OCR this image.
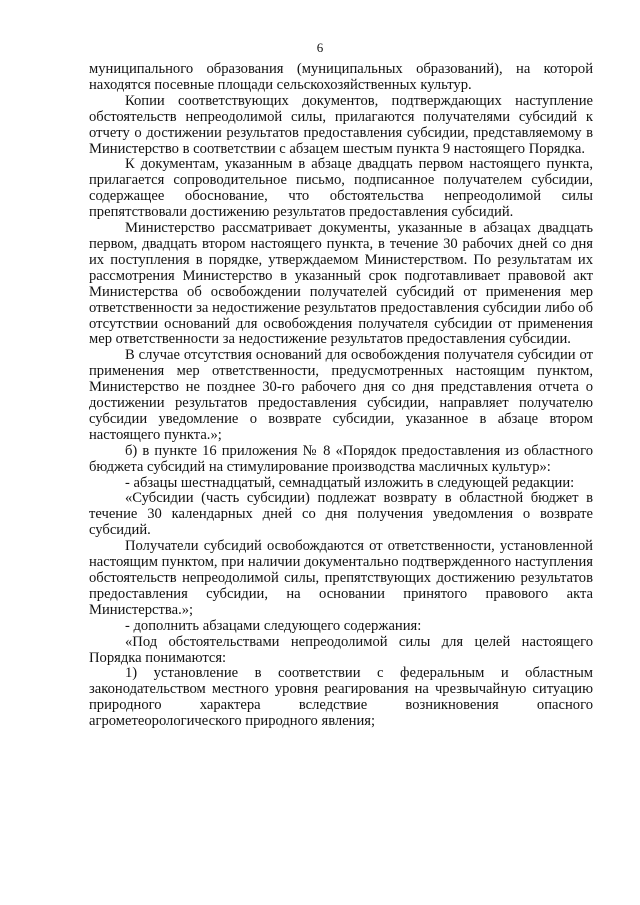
6

муниципального образования (муниципальных образований), на которой находятся посевные площади сельскохозяйственных культур.

Копии соответствующих документов, подтверждающих наступление обстоятельств непреодолимой силы, прилагаются получателями субсидий к отчету о достижении результатов предоставления субсидии, представляемому в Министерство в соответствии с абзацем шестым пункта 9 настоящего Порядка.

К документам, указанным в абзаце двадцать первом настоящего пункта, прилагается сопроводительное письмо, подписанное получателем субсидии, содержащее обоснование, что обстоятельства непреодолимой силы препятствовали достижению результатов предоставления субсидий.

Министерство рассматривает документы, указанные в абзацах двадцать первом, двадцать втором настоящего пункта, в течение 30 рабочих дней со дня их поступления в порядке, утверждаемом Министерством. По результатам их рассмотрения Министерство в указанный срок подготавливает правовой акт Министерства об освобождении получателей субсидий от применения мер ответственности за недостижение результатов предоставления субсидии либо об отсутствии оснований для освобождения получателя субсидии от применения мер ответственности за недостижение результатов предоставления субсидии.

В случае отсутствия оснований для освобождения получателя субсидии от применения мер ответственности, предусмотренных настоящим пунктом, Министерство не позднее 30-го рабочего дня со дня представления отчета о достижении результатов предоставления субсидии, направляет получателю субсидии уведомление о возврате субсидии, указанное в абзаце втором настоящего пункта.»;

б) в пункте 16 приложения № 8 «Порядок предоставления из областного бюджета субсидий на стимулирование производства масличных культур»:

- абзацы шестнадцатый, семнадцатый изложить в следующей редакции:

«Субсидии (часть субсидии) подлежат возврату в областной бюджет в течение 30 календарных дней со дня получения уведомления о возврате субсидий.

Получатели субсидий освобождаются от ответственности, установленной настоящим пунктом, при наличии документально подтвержденного наступления обстоятельств непреодолимой силы, препятствующих достижению результатов предоставления субсидии, на основании принятого правового акта Министерства.»;

- дополнить абзацами следующего содержания:

«Под обстоятельствами непреодолимой силы для целей настоящего Порядка понимаются:

1) установление в соответствии с федеральным и областным законодательством местного уровня реагирования на чрезвычайную ситуацию природного характера вследствие возникновения опасного агрометеорологического природного явления;
